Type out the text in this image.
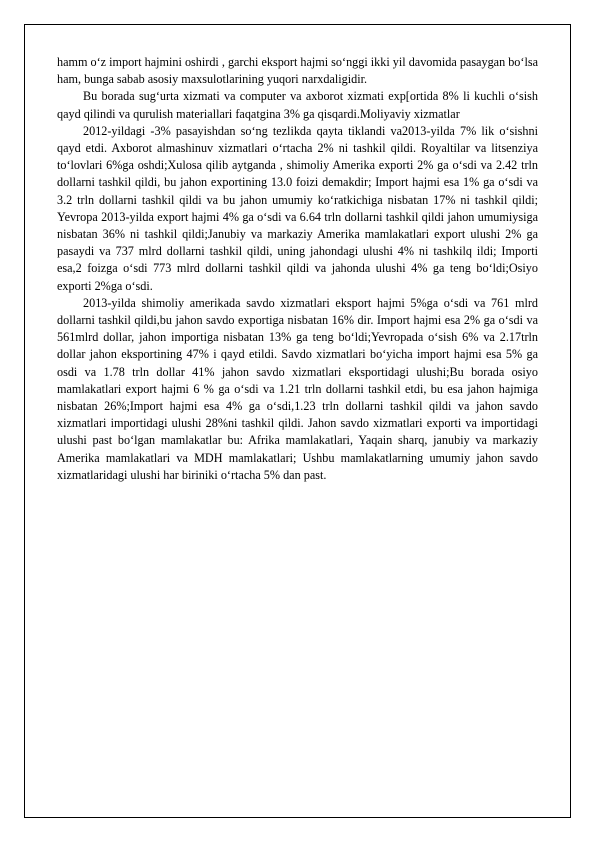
hamm o‘z import hajmini oshirdi , garchi eksport hajmi so‘nggi ikki yil davomida pasaygan bo‘lsa ham, bunga sabab asosiy maxsulotlarining yuqori narxdaligidir.

Bu borada sug‘urta xizmati va computer va axborot xizmati exp[ortida 8% li kuchli o‘sish qayd qilindi va qurulish materiallari faqatgina 3% ga qisqardi.Moliyaviy xizmatlar

2012-yildagi -3% pasayishdan so‘ng tezlikda qayta tiklandi va2013-yilda 7% lik o‘sishni qayd etdi. Axborot almashinuv xizmatlari o‘rtacha 2% ni tashkil qildi. Royaltilar va litsenziya to‘lovlari 6%ga oshdi;Xulosa qilib aytganda , shimoliy Amerika exporti 2% ga o‘sdi va 2.42 trln dollarni tashkil qildi, bu jahon exportining 13.0 foizi demakdir; Import hajmi esa 1% ga o‘sdi va 3.2 trln dollarni tashkil qildi va bu jahon umumiy ko‘ratkichiga nisbatan 17% ni tashkil qildi; Yevropa 2013-yilda export hajmi 4% ga o‘sdi va 6.64 trln dollarni tashkil qildi jahon umumiysiga nisbatan 36% ni tashkil qildi;Janubiy va markaziy Amerika mamlakatlari export ulushi 2% ga pasaydi va 737 mlrd dollarni tashkil qildi, uning jahondagi ulushi 4% ni tashkilq ildi; Importi esa,2 foizga o‘sdi 773 mlrd dollarni tashkil qildi va jahonda ulushi 4% ga teng bo‘ldi;Osiyo exporti 2%ga o‘sdi.

2013-yilda shimoliy amerikada savdo xizmatlari eksport hajmi 5%ga o‘sdi va 761 mlrd dollarni tashkil qildi,bu jahon savdo exportiga nisbatan 16% dir. Import hajmi esa 2% ga o‘sdi va 561mlrd dollar, jahon importiga nisbatan 13% ga teng bo‘ldi;Yevropada o‘sish 6% va 2.17trln dollar jahon eksportining 47% i qayd etildi. Savdo xizmatlari bo‘yicha import hajmi esa 5% ga osdi va 1.78 trln dollar 41% jahon savdo xizmatlari eksportidagi ulushi;Bu borada osiyo mamlakatlari export hajmi 6 % ga o‘sdi va 1.21 trln dollarni tashkil etdi, bu esa jahon hajmiga nisbatan 26%;Import hajmi esa 4% ga o‘sdi,1.23 trln dollarni tashkil qildi va jahon savdo xizmatlari importidagi ulushi 28%ni tashkil qildi. Jahon savdo xizmatlari exporti va importidagi ulushi past bo‘lgan mamlakatlar bu: Afrika mamlakatlari, Yaqain sharq, janubiy va markaziy Amerika mamlakatlari va MDH mamlakatlari; Ushbu mamlakatlarning umumiy jahon savdo xizmatlaridagi ulushi har biriniki o‘rtacha 5% dan past.
